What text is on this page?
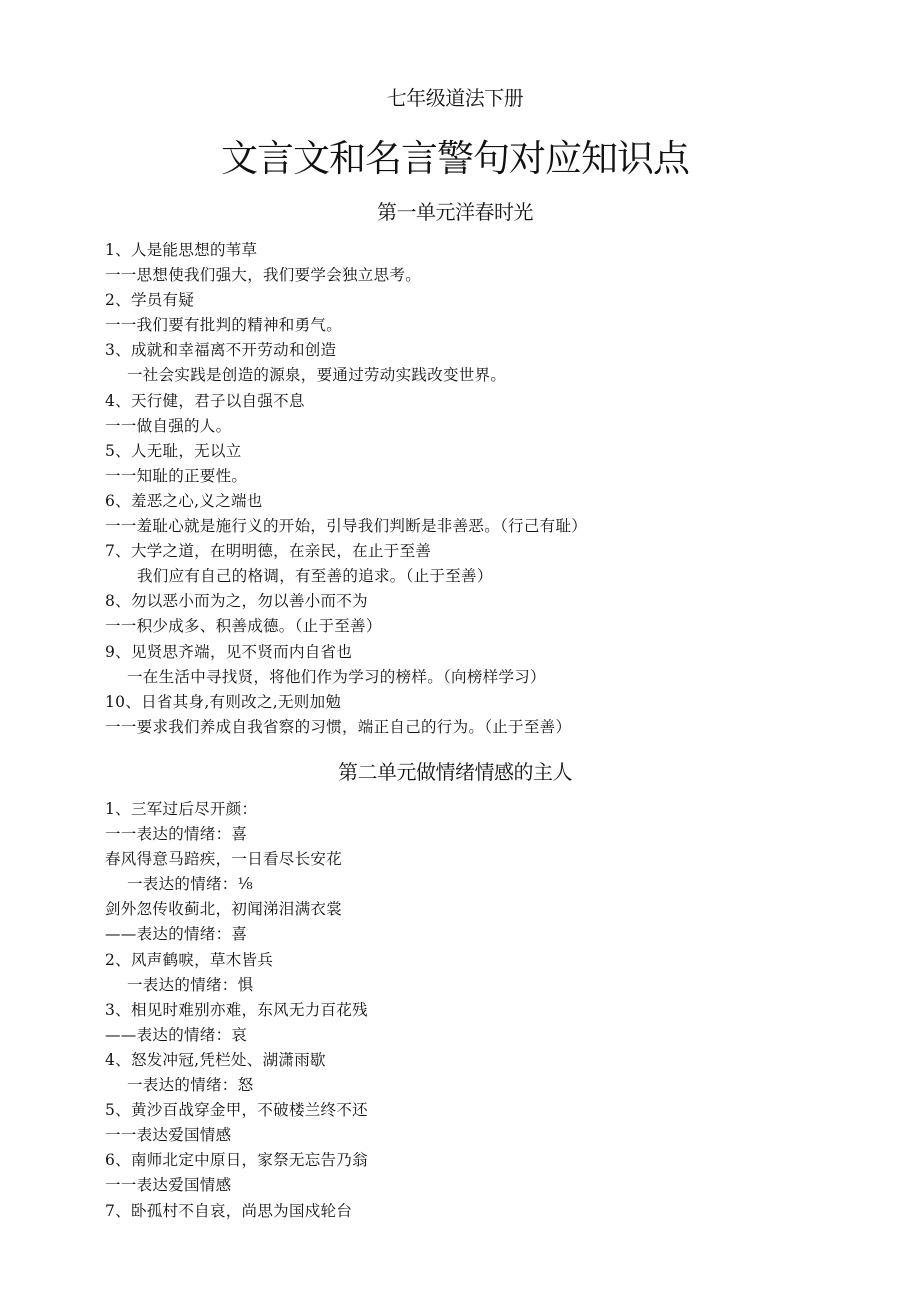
七年级道法下册
文言文和名言警句对应知识点
第一单元洋春时光
1、人是能思想的苇草
一一思想使我们强大，我们要学会独立思考。
2、学员有疑
一一我们要有批判的精神和勇气。
3、成就和幸福离不开劳动和创造
一社会实践是创造的源泉，要通过劳动实践改变世界。
4、天行健，君子以自强不息
一一做自强的人。
5、人无耻，无以立
一一知耻的正要性。
6、羞恶之心,义之端也
一一羞耻心就是施行义的开始，引导我们判断是非善恶。（行己有耻）
7、大学之道，在明明德，在亲民，在止于至善
我们应有自己的格调，有至善的追求。（止于至善）
8、勿以恶小而为之，勿以善小而不为
一一积少成多、积善成德。（止于至善）
9、见贤思齐端，见不贤而内自省也
一在生活中寻找贤，将他们作为学习的榜样。（向榜样学习）
10、日省其身,有则改之,无则加勉
一一要求我们养成自我省察的习惯，端正自己的行为。（止于至善）
第二单元做情绪情感的主人
1、三军过后尽开颜：
一一表达的情绪：喜
春风得意马踣疾，一日看尽长安花
一表达的情绪：⅛
剑外忽传收蓟北，初闻涕泪满衣裳
——表达的情绪：喜
2、风声鹤唳，草木皆兵
一表达的情绪：惧
3、相见时难别亦难，东风无力百花残
——表达的情绪：哀
4、怒发冲冠,凭栏处、湖潇雨歇
一表达的情绪：怒
5、黄沙百战穿金甲，不破楼兰终不还
一一表达爱国情感
6、南师北定中原日，家祭无忘告乃翁
一一表达爱国情感
7、卧孤村不自哀，尚思为国戍轮台
